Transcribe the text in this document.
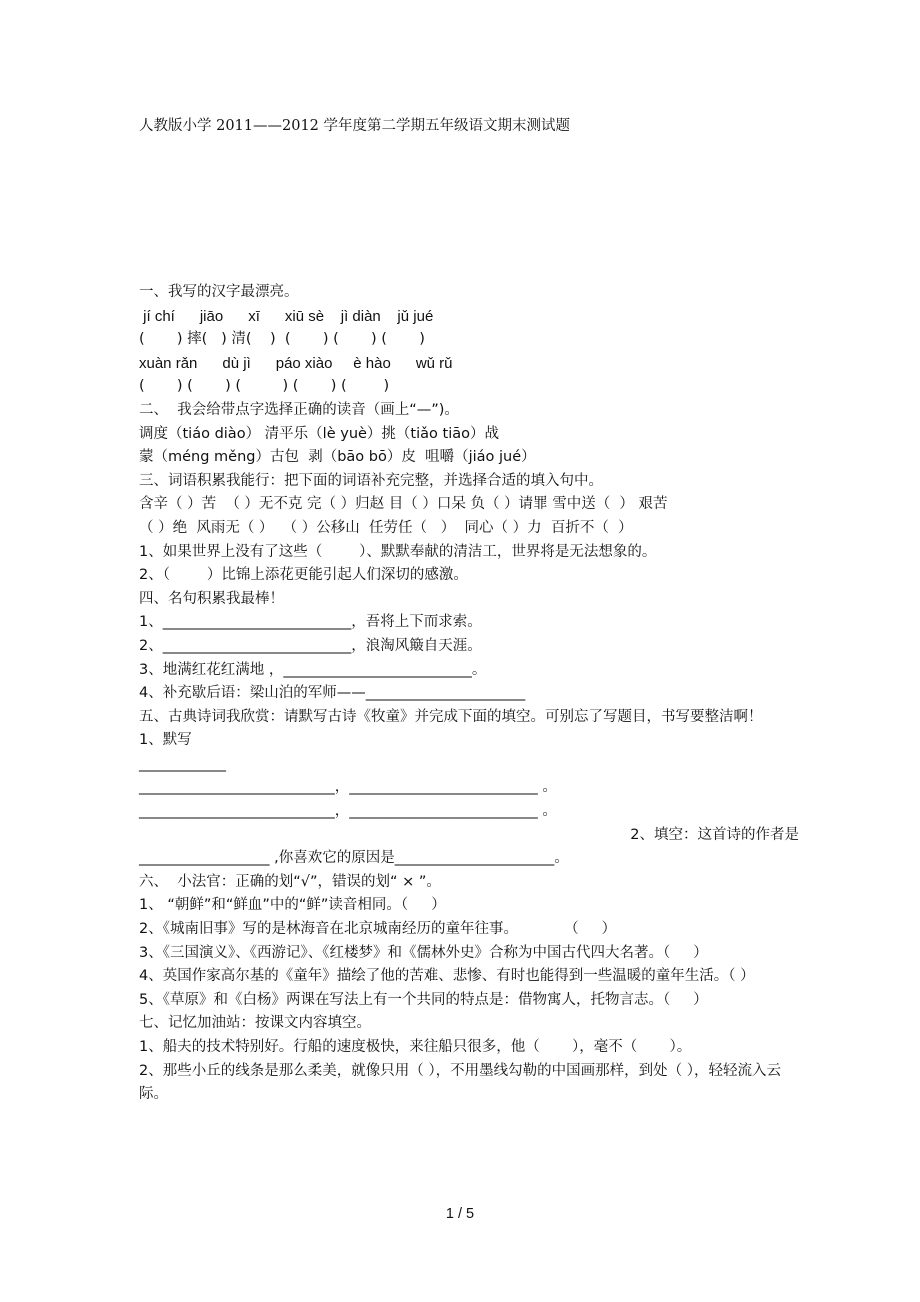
人教版小学 2011——2012 学年度第二学期五年级语文期末测试题
一、我写的汉字最漂亮。
jí chí      jiāo      xī      xiū sè    jì diàn    jǔ jué
(       ) 摔(   ) 清(    )  (       ) (       ) (       )
xuàn rǎn      dù jì      páo xiào     è hào      wǔ rǔ
(       ) (       ) (         ) (       ) (        )
二、  我会给带点字选择正确的读音（画上“—”)。
调度（tiáo diào） 清平乐（lè yuè）挑（tiǎo tiāo）战
蒙（méng měng）古包  剥（bāo bō）皮  咀嚼（jiáo jué）
三、词语积累我能行：把下面的词语补充完整，并选择合适的填入句中。
含辛（ ）苦  （ ）无不克 完（ ）归赵 目（ ）口呆 负（ ）请罪 雪中送（  ） 艰苦
（ ）绝  风雨无（ ）  （ ）公移山  任劳任（   ）  同心（ ）力  百折不（  ）
1、如果世界上没有了这些（        ）、默默奉献的清洁工，世界将是无法想象的。
2、（        ）比锦上添花更能引起人们深切的感激。
四、名句积累我最棒！
1、__________________________，吾将上下而求索。
2、__________________________，浪淘风簸自天涯。
3、地满红花红满地 ，__________________________。
4、补充歇后语：梁山泊的军师——______________________
五、古典诗词我欣赏：请默写古诗《牧童》并完成下面的填空。可别忘了写题目，书写要整洁啊！
1、默写
____________
___________________________，__________________________ 。
___________________________，__________________________ 。
2、填空：这首诗的作者是
__________________ ,你喜欢它的原因是______________________。
六、  小法官：正确的划“√”，错误的划“ × ”。
1、 “朝鲜”和“鲜血”中的“鲜”读音相同。（     ）
2、《城南旧事》写的是林海音在北京城南经历的童年往事。          （     ）
3、《三国演义》、《西游记》、《红楼梦》和《儒林外史》合称为中国古代四大名著。（     ）
4、英国作家高尔基的《童年》描绘了他的苦难、悲惨、有时也能得到一些温暖的童年生活。（ ）
5、《草原》和《白杨》两课在写法上有一个共同的特点是：借物寓人，托物言志。（     ）
七、记忆加油站：按课文内容填空。
1、船夫的技术特别好。行船的速度极快，来往船只很多，他（       ），毫不（       ）。
2、那些小丘的线条是那么柔美，就像只用（ ），不用墨线勾勒的中国画那样，到处（ ），轻轻流入云际。
1 / 5
